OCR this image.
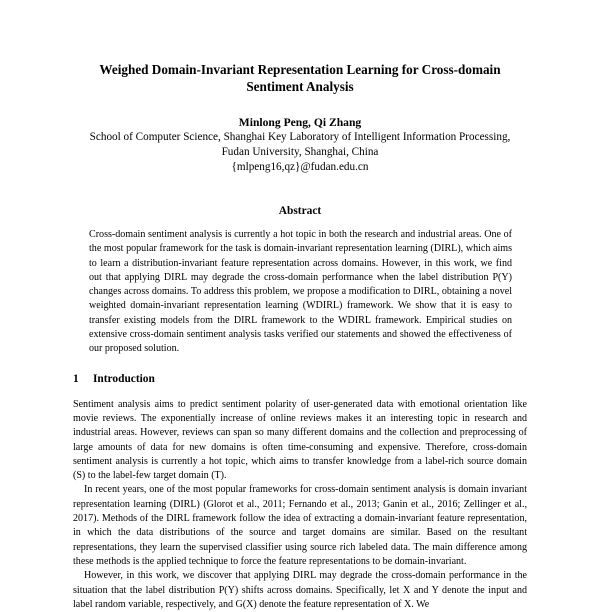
Weighed Domain-Invariant Representation Learning for Cross-domain Sentiment Analysis
Minlong Peng, Qi Zhang
School of Computer Science, Shanghai Key Laboratory of Intelligent Information Processing,
Fudan University, Shanghai, China
{mlpeng16,qz}@fudan.edu.cn
Abstract

Cross-domain sentiment analysis is currently a hot topic in both the research and industrial areas. One of the most popular framework for the task is domain-invariant representation learning (DIRL), which aims to learn a distribution-invariant feature representation across domains. However, in this work, we find out that applying DIRL may degrade the cross-domain performance when the label distribution P(Y) changes across domains. To address this problem, we propose a modification to DIRL, obtaining a novel weighted domain-invariant representation learning (WDIRL) framework. We show that it is easy to transfer existing models from the DIRL framework to the WDIRL framework. Empirical studies on extensive cross-domain sentiment analysis tasks verified our statements and showed the effectiveness of our proposed solution.

1 Introduction

Sentiment analysis aims to predict sentiment polarity of user-generated data with emotional orientation like movie reviews. The exponentially increase of online reviews makes it an interesting topic in research and industrial areas. However, reviews can span so many different domains and the collection and preprocessing of large amounts of data for new domains is often time-consuming and expensive. Therefore, cross-domain sentiment analysis is currently a hot topic, which aims to transfer knowledge from a label-rich source domain (S) to the label-few target domain (T).

In recent years, one of the most popular frameworks for cross-domain sentiment analysis is domain invariant representation learning (DIRL) (Glorot et al., 2011; Fernando et al., 2013; Ganin et al., 2016; Zellinger et al., 2017). Methods of the DIRL framework follow the idea of extracting a domain-invariant feature representation, in which the data distributions of the source and target domains are similar. Based on the resultant representations, they learn the supervised classifier using source rich labeled data. The main difference among these methods is the applied technique to force the feature representations to be domain-invariant.

However, in this work, we discover that applying DIRL may degrade the cross-domain performance in the situation that the label distribution P(Y) shifts across domains. Specifically, let X and Y denote the input and label random variable, respectively, and G(X) denote the feature representation of X. We
